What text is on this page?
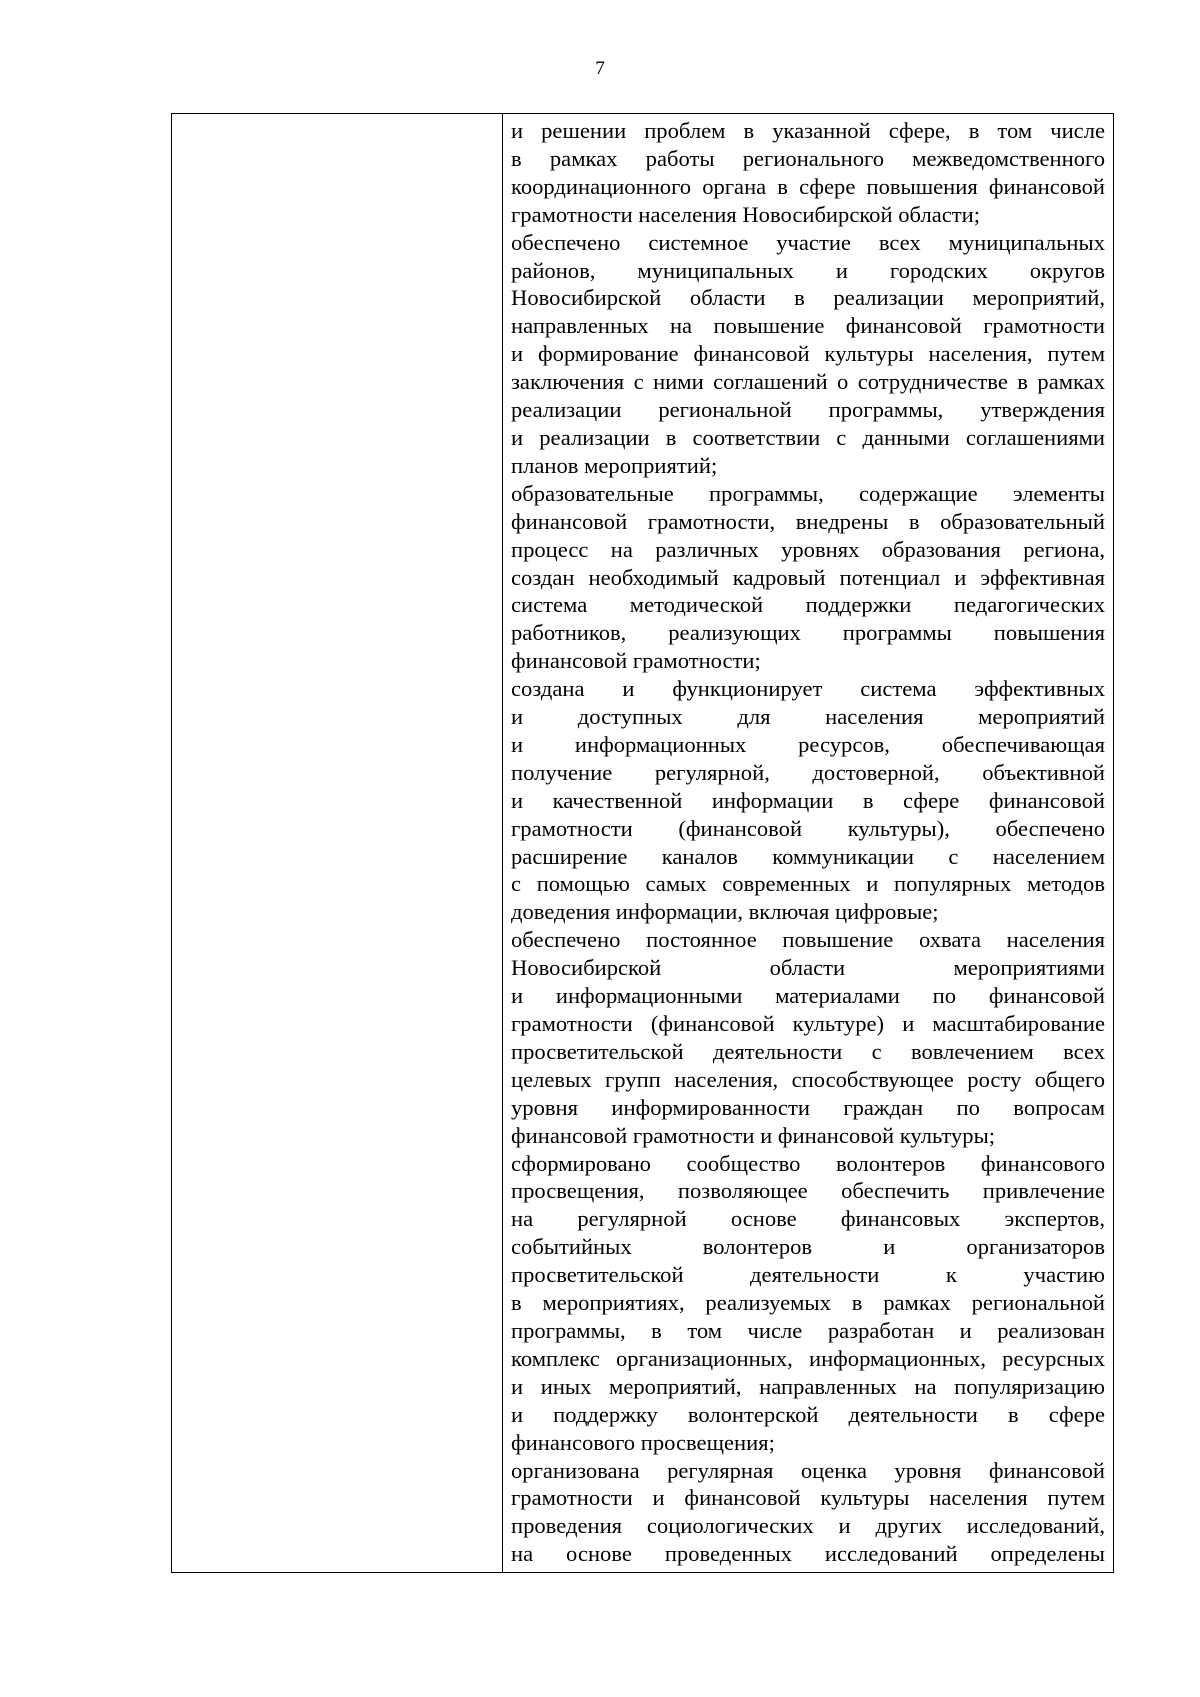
7
и решении проблем в указанной сфере, в том числе
в рамках работы регионального межведомственного
координационного органа в сфере повышения финансовой
грамотности населения Новосибирской области;
обеспечено системное участие всех муниципальных
районов, муниципальных и городских округов
Новосибирской области в реализации мероприятий,
направленных на повышение финансовой грамотности
и формирование финансовой культуры населения, путем
заключения с ними соглашений о сотрудничестве в рамках
реализации региональной программы, утверждения
и реализации в соответствии с данными соглашениями
планов мероприятий;
образовательные программы, содержащие элементы
финансовой грамотности, внедрены в образовательный
процесс на различных уровнях образования региона,
создан необходимый кадровый потенциал и эффективная
система методической поддержки педагогических
работников, реализующих программы повышения
финансовой грамотности;
создана и функционирует система эффективных
и доступных для населения мероприятий
и информационных ресурсов, обеспечивающая
получение регулярной, достоверной, объективной
и качественной информации в сфере финансовой
грамотности (финансовой культуры), обеспечено
расширение каналов коммуникации с населением
с помощью самых современных и популярных методов
доведения информации, включая цифровые;
обеспечено постоянное повышение охвата населения
Новосибирской области мероприятиями
и информационными материалами по финансовой
грамотности (финансовой культуре) и масштабирование
просветительской деятельности с вовлечением всех
целевых групп населения, способствующее росту общего
уровня информированности граждан по вопросам
финансовой грамотности и финансовой культуры;
сформировано сообщество волонтеров финансового
просвещения, позволяющее обеспечить привлечение
на регулярной основе финансовых экспертов,
событийных волонтеров и организаторов
просветительской деятельности к участию
в мероприятиях, реализуемых в рамках региональной
программы, в том числе разработан и реализован
комплекс организационных, информационных, ресурсных
и иных мероприятий, направленных на популяризацию
и поддержку волонтерской деятельности в сфере
финансового просвещения;
организована регулярная оценка уровня финансовой
грамотности и финансовой культуры населения путем
проведения социологических и других исследований,
на основе проведенных исследований определены
